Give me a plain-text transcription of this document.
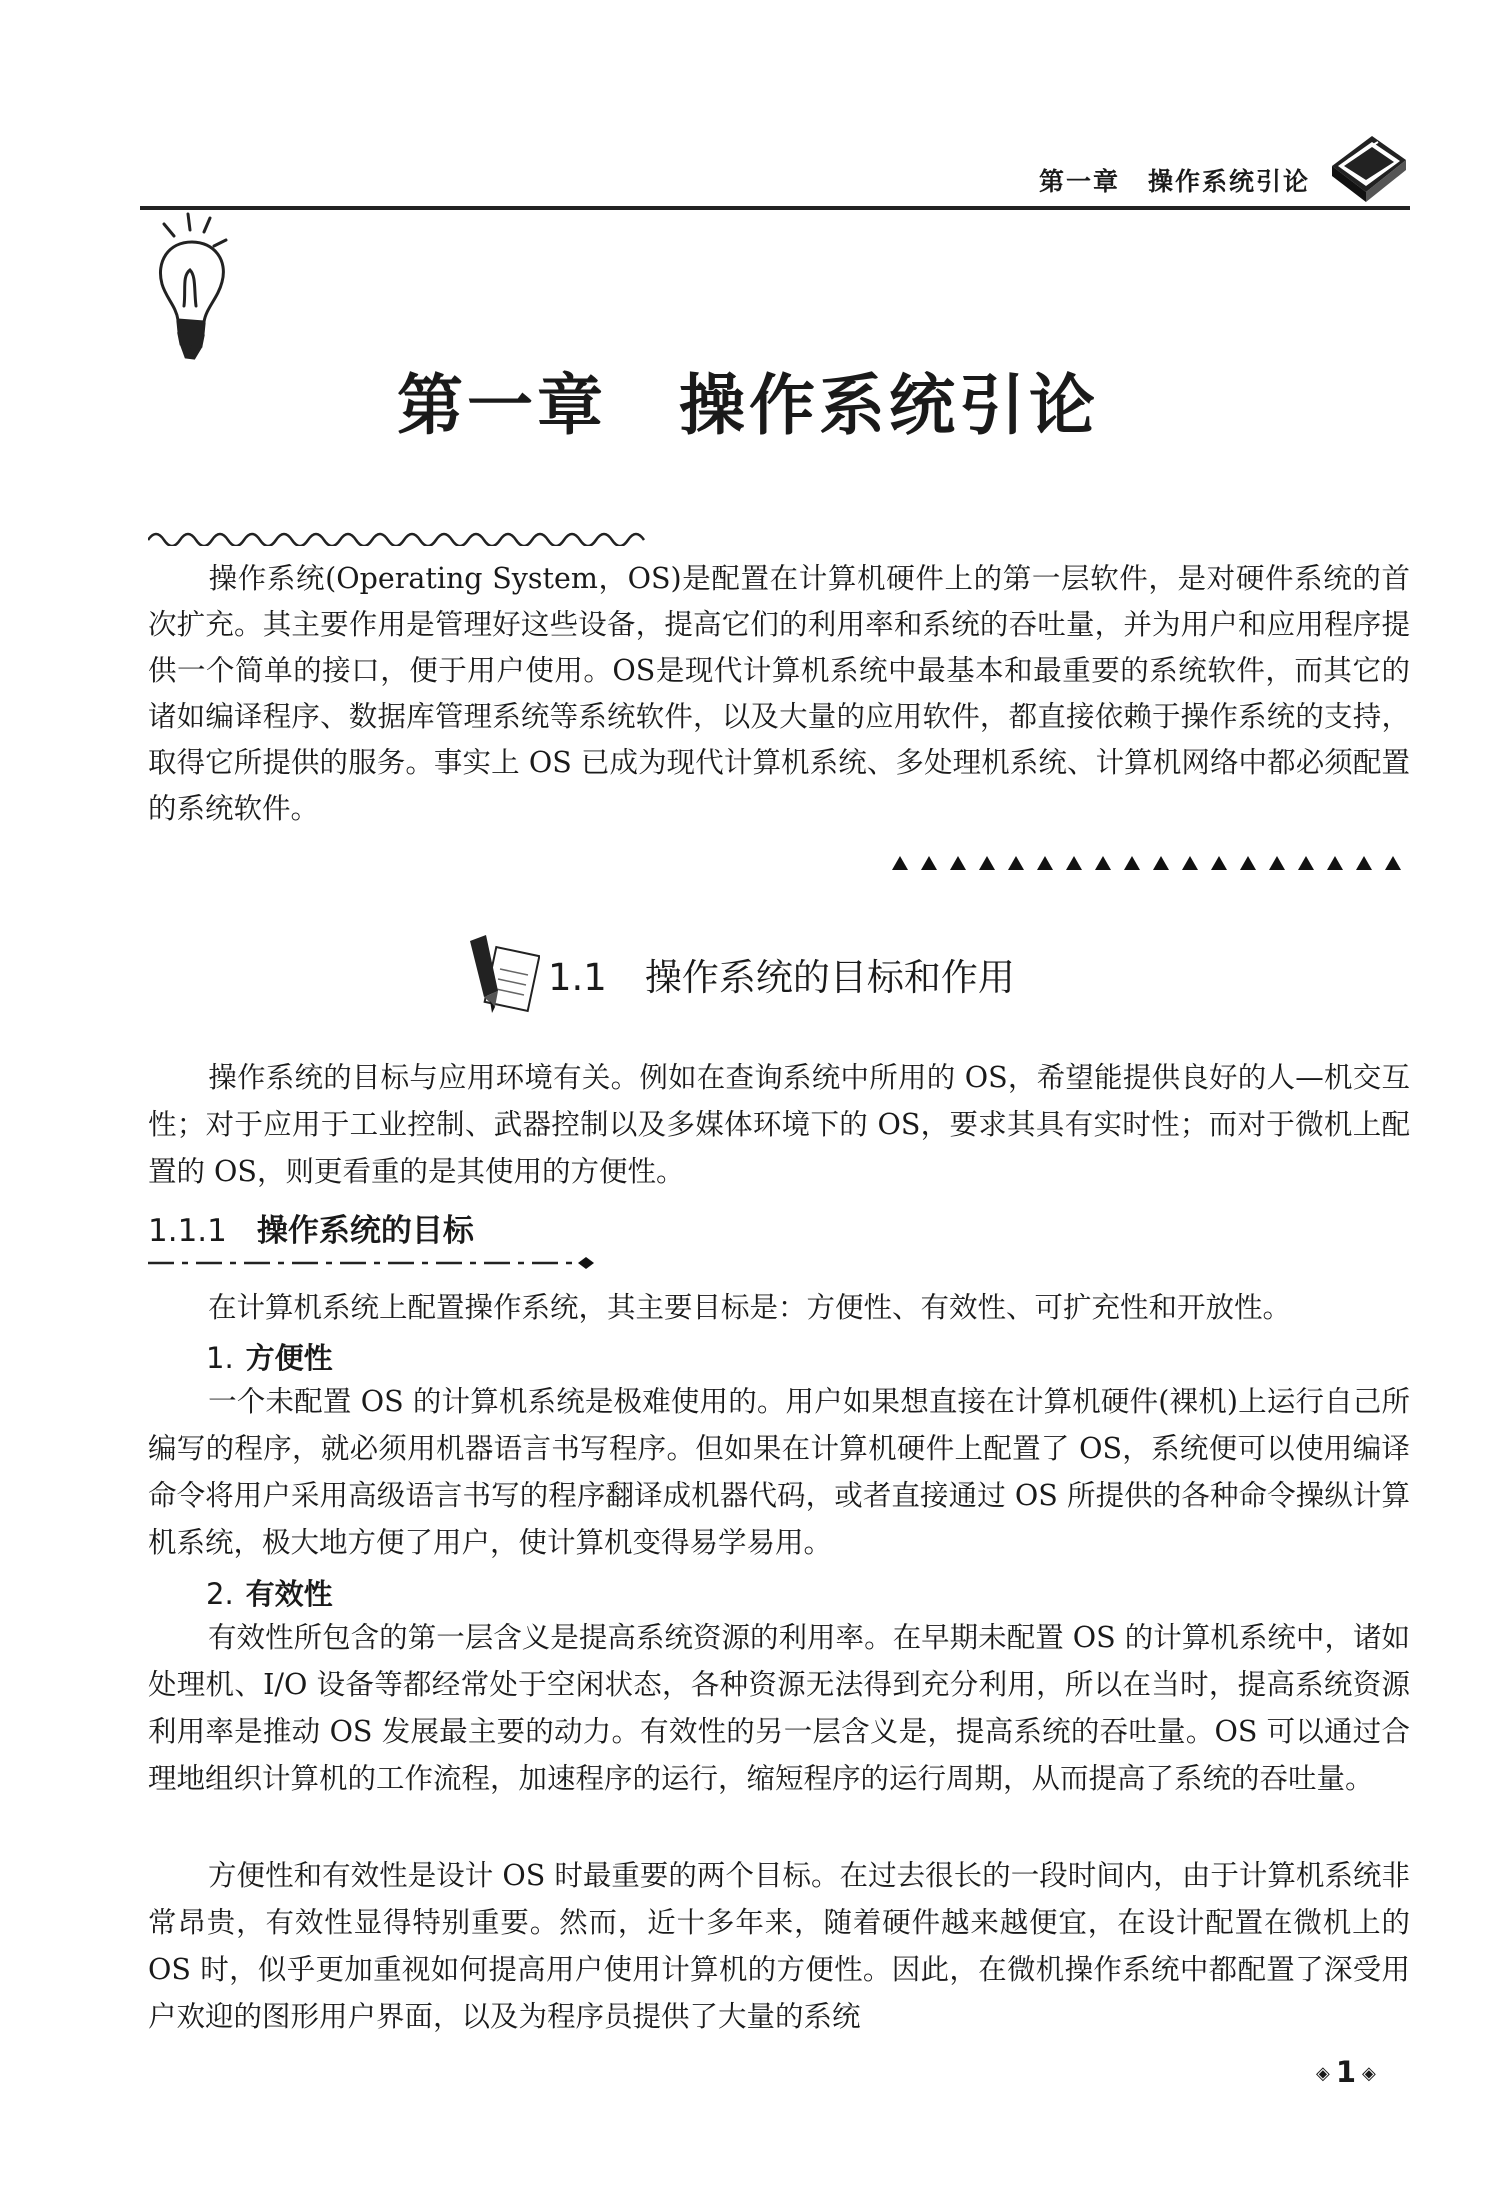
第一章 操作系统引论
第一章 操作系统引论

操作系统(Operating System，OS)是配置在计算机硬件上的第一层软件，是对硬件系统的首次扩充。其主要作用是管理好这些设备，提高它们的利用率和系统的吞吐量，并为用户和应用程序提供一个简单的接口，便于用户使用。OS是现代计算机系统中最基本和最重要的系统软件，而其它的诸如编译程序、数据库管理系统等系统软件，以及大量的应用软件，都直接依赖于操作系统的支持，取得它所提供的服务。事实上 OS 已成为现代计算机系统、多处理机系统、计算机网络中都必须配置的系统软件。

1.1 操作系统的目标和作用

操作系统的目标与应用环境有关。例如在查询系统中所用的 OS，希望能提供良好的人—机交互性；对于应用于工业控制、武器控制以及多媒体环境下的 OS，要求其具有实时性；而对于微机上配置的 OS，则更看重的是其使用的方便性。

1.1.1 操作系统的目标

在计算机系统上配置操作系统，其主要目标是：方便性、有效性、可扩充性和开放性。

1. 方便性

一个未配置 OS 的计算机系统是极难使用的。用户如果想直接在计算机硬件(裸机)上运行自己所编写的程序，就必须用机器语言书写程序。但如果在计算机硬件上配置了 OS，系统便可以使用编译命令将用户采用高级语言书写的程序翻译成机器代码，或者直接通过 OS 所提供的各种命令操纵计算机系统，极大地方便了用户，使计算机变得易学易用。

2. 有效性

有效性所包含的第一层含义是提高系统资源的利用率。在早期未配置 OS 的计算机系统中，诸如处理机、I/O 设备等都经常处于空闲状态，各种资源无法得到充分利用，所以在当时，提高系统资源利用率是推动 OS 发展最主要的动力。有效性的另一层含义是，提高系统的吞吐量。OS 可以通过合理地组织计算机的工作流程，加速程序的运行，缩短程序的运行周期，从而提高了系统的吞吐量。

方便性和有效性是设计 OS 时最重要的两个目标。在过去很长的一段时间内，由于计算机系统非常昂贵，有效性显得特别重要。然而，近十多年来，随着硬件越来越便宜，在设计配置在微机上的 OS 时，似乎更加重视如何提高用户使用计算机的方便性。因此，在微机操作系统中都配置了深受用户欢迎的图形用户界面，以及为程序员提供了大量的系统

◈ 1 ◈
